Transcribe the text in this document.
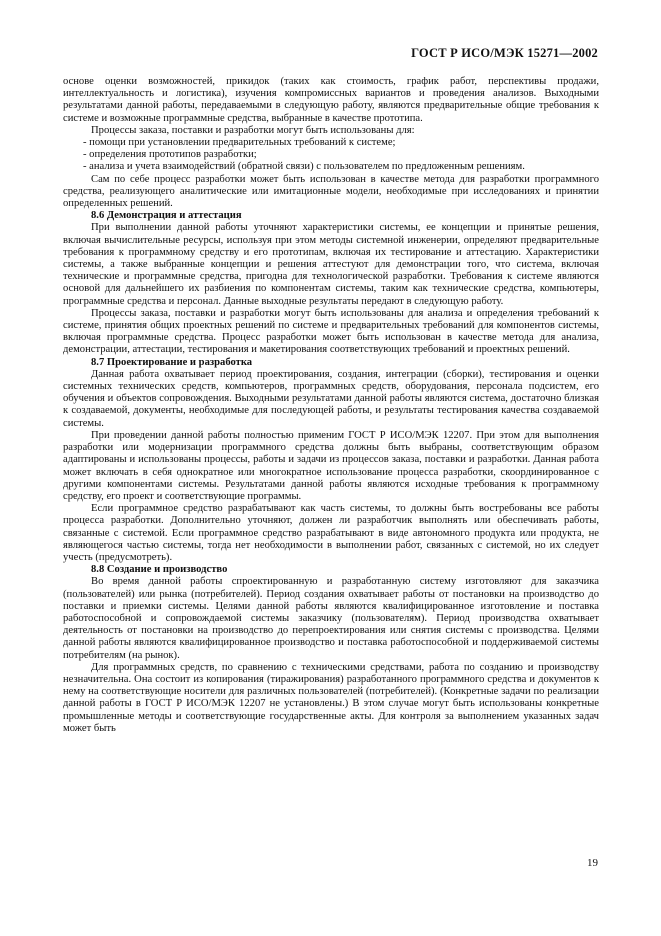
ГОСТ Р ИСО/МЭК 15271—2002

основе оценки возможностей, прикидок (таких как стоимость, график работ, перспективы продажи, интеллектуальность и логистика), изучения компромиссных вариантов и проведения анализов. Выходными результатами данной работы, передаваемыми в следующую работу, являются предварительные общие требования к системе и возможные программные средства, выбранные в качестве прототипа.

Процессы заказа, поставки и разработки могут быть использованы для:

- помощи при установлении предварительных требований к системе;

- определения прототипов разработки;

- анализа и учета взаимодействий (обратной связи) с пользователем по предложенным решениям.

Сам по себе процесс разработки может быть использован в качестве метода для разработки программного средства, реализующего аналитические или имитационные модели, необходимые при исследованиях и принятии определенных решений.

8.6 Демонстрация и аттестация

При выполнении данной работы уточняют характеристики системы, ее концепции и принятые решения, включая вычислительные ресурсы, используя при этом методы системной инженерии, определяют предварительные требования к программному средству и его прототипам, включая их тестирование и аттестацию. Характеристики системы, а также выбранные концепции и решения аттестуют для демонстрации того, что система, включая технические и программные средства, пригодна для технологической разработки. Требования к системе являются основой для дальнейшего их разбиения по компонентам системы, таким как технические средства, компьютеры, программные средства и персонал. Данные выходные результаты передают в следующую работу.

Процессы заказа, поставки и разработки могут быть использованы для анализа и определения требований к системе, принятия общих проектных решений по системе и предварительных требований для компонентов системы, включая программные средства. Процесс разработки может быть использован в качестве метода для анализа, демонстрации, аттестации, тестирования и макетирования соответствующих требований и проектных решений.

8.7 Проектирование и разработка

Данная работа охватывает период проектирования, создания, интеграции (сборки), тестирования и оценки системных технических средств, компьютеров, программных средств, оборудования, персонала подсистем, его обучения и объектов сопровождения. Выходными результатами данной работы являются система, достаточно близкая к создаваемой, документы, необходимые для последующей работы, и результаты тестирования качества создаваемой системы.

При проведении данной работы полностью применим ГОСТ Р ИСО/МЭК 12207. При этом для выполнения разработки или модернизации программного средства должны быть выбраны, соответствующим образом адаптированы и использованы процессы, работы и задачи из процессов заказа, поставки и разработки. Данная работа может включать в себя однократное или многократное использование процесса разработки, скоординированное с другими компонентами системы. Результатами данной работы являются исходные требования к программному средству, его проект и соответствующие программы.

Если программное средство разрабатывают как часть системы, то должны быть востребованы все работы процесса разработки. Дополнительно уточняют, должен ли разработчик выполнять или обеспечивать работы, связанные с системой. Если программное средство разрабатывают в виде автономного продукта или продукта, не являющегося частью системы, тогда нет необходимости в выполнении работ, связанных с системой, но их следует учесть (предусмотреть).

8.8 Создание и производство

Во время данной работы спроектированную и разработанную систему изготовляют для заказчика (пользователей) или рынка (потребителей). Период создания охватывает работы от постановки на производство до поставки и приемки системы. Целями данной работы являются квалифицированное изготовление и поставка работоспособной и сопровождаемой системы заказчику (пользователям). Период производства охватывает деятельность от постановки на производство до перепроектирования или снятия системы с производства. Целями данной работы являются квалифицированное производство и поставка работоспособной и поддерживаемой системы потребителям (на рынок).

Для программных средств, по сравнению с техническими средствами, работа по созданию и производству незначительна. Она состоит из копирования (тиражирования) разработанного программного средства и документов к нему на соответствующие носители для различных пользователей (потребителей). (Конкретные задачи по реализации данной работы в ГОСТ Р ИСО/МЭК 12207 не установлены.) В этом случае могут быть использованы конкретные промышленные методы и соответствующие государственные акты. Для контроля за выполнением указанных задач может быть

19
